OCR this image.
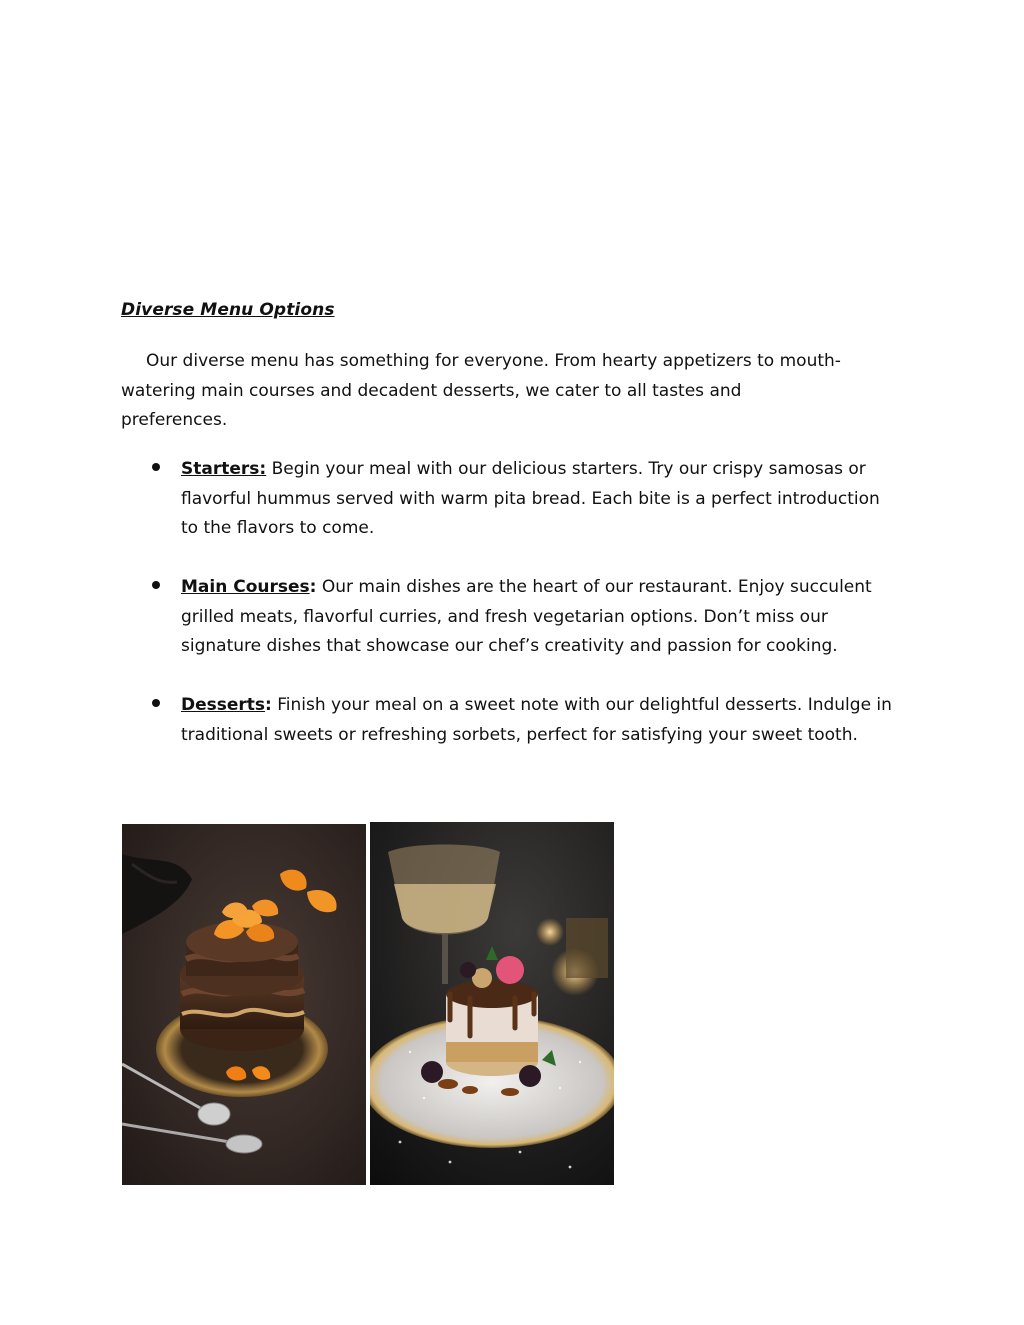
Diverse Menu Options
Our diverse menu has something for everyone. From hearty appetizers to mouth-watering main courses and decadent desserts, we cater to all tastes and preferences.
Starters: Begin your meal with our delicious starters. Try our crispy samosas or flavorful hummus served with warm pita bread. Each bite is a perfect introduction to the flavors to come.
Main Courses: Our main dishes are the heart of our restaurant. Enjoy succulent grilled meats, flavorful curries, and fresh vegetarian options. Don’t miss our signature dishes that showcase our chef’s creativity and passion for cooking.
Desserts: Finish your meal on a sweet note with our delightful desserts. Indulge in traditional sweets or refreshing sorbets, perfect for satisfying your sweet tooth.
